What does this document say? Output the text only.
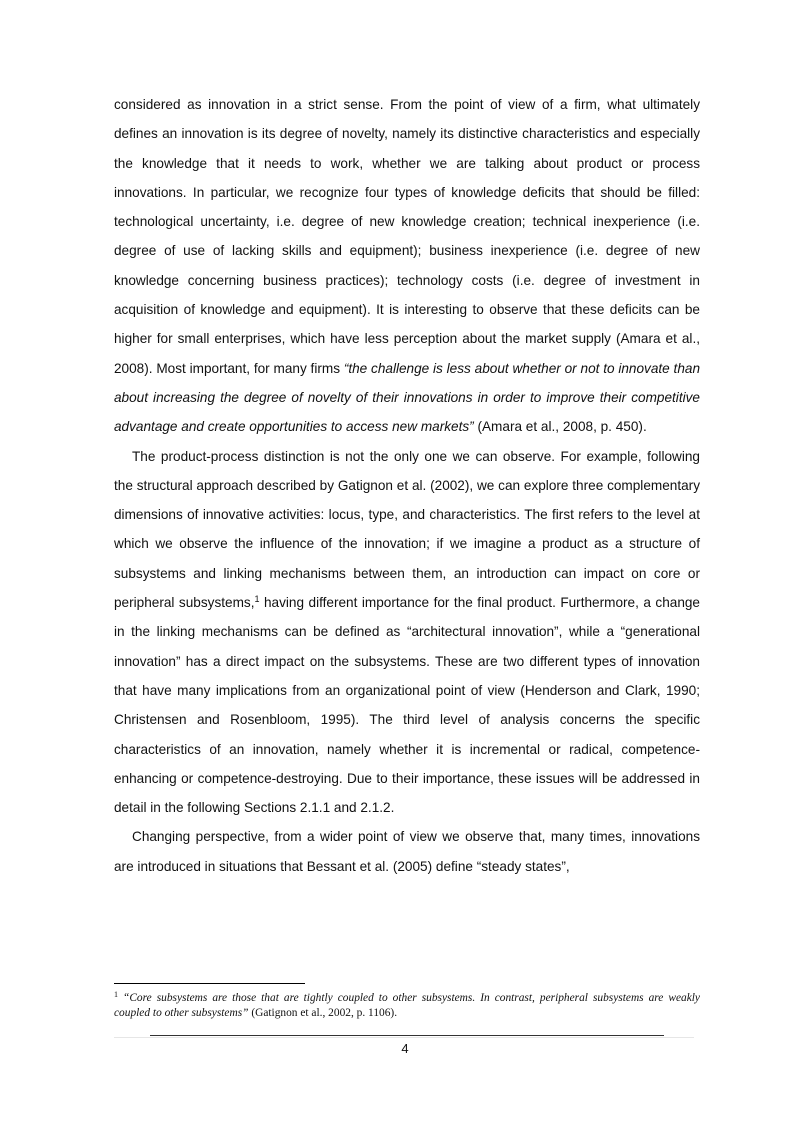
considered as innovation in a strict sense. From the point of view of a firm, what ultimately defines an innovation is its degree of novelty, namely its distinctive characteristics and especially the knowledge that it needs to work, whether we are talking about product or process innovations. In particular, we recognize four types of knowledge deficits that should be filled: technological uncertainty, i.e. degree of new knowledge creation; technical inexperience (i.e. degree of use of lacking skills and equipment); business inexperience (i.e. degree of new knowledge concerning business practices); technology costs (i.e. degree of investment in acquisition of knowledge and equipment). It is interesting to observe that these deficits can be higher for small enterprises, which have less perception about the market supply (Amara et al., 2008). Most important, for many firms “the challenge is less about whether or not to innovate than about increasing the degree of novelty of their innovations in order to improve their competitive advantage and create opportunities to access new markets” (Amara et al., 2008, p. 450).

The product-process distinction is not the only one we can observe. For example, following the structural approach described by Gatignon et al. (2002), we can explore three complementary dimensions of innovative activities: locus, type, and characteristics. The first refers to the level at which we observe the influence of the innovation; if we imagine a product as a structure of subsystems and linking mechanisms between them, an introduction can impact on core or peripheral subsystems,$^1$ having different importance for the final product. Furthermore, a change in the linking mechanisms can be defined as “architectural innovation”, while a “generational innovation” has a direct impact on the subsystems. These are two different types of innovation that have many implications from an organizational point of view (Henderson and Clark, 1990; Christensen and Rosenbloom, 1995). The third level of analysis concerns the specific characteristics of an innovation, namely whether it is incremental or radical, competence-enhancing or competence-destroying. Due to their importance, these issues will be addressed in detail in the following Sections 2.1.1 and 2.1.2.

Changing perspective, from a wider point of view we observe that, many times, innovations are introduced in situations that Bessant et al. (2005) define “steady states”,

$^1$ “Core subsystems are those that are tightly coupled to other subsystems. In contrast, peripheral subsystems are weakly coupled to other subsystems” (Gatignon et al., 2002, p. 1106).
4
